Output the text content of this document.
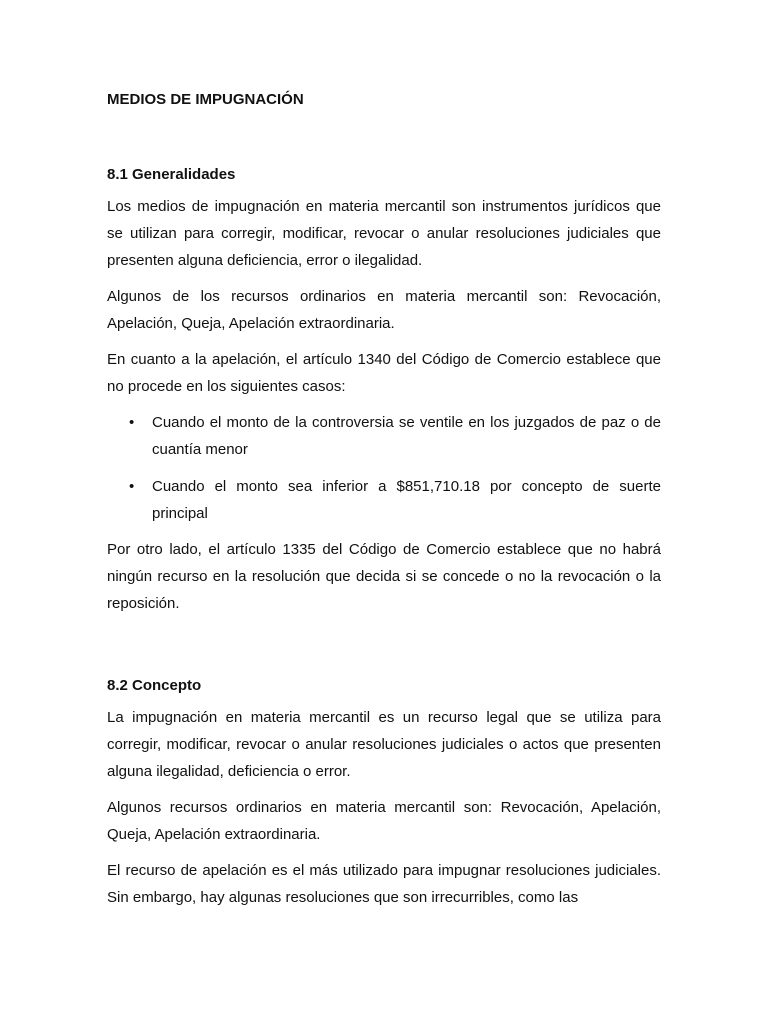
MEDIOS DE IMPUGNACIÓN
8.1 Generalidades

Los medios de impugnación en materia mercantil son instrumentos jurídicos que se utilizan para corregir, modificar, revocar o anular resoluciones judiciales que presenten alguna deficiencia, error o ilegalidad.

Algunos de los recursos ordinarios en materia mercantil son: Revocación, Apelación, Queja, Apelación extraordinaria.

En cuanto a la apelación, el artículo 1340 del Código de Comercio establece que no procede en los siguientes casos:

• Cuando el monto de la controversia se ventile en los juzgados de paz o de cuantía menor
• Cuando el monto sea inferior a $851,710.18 por concepto de suerte principal

Por otro lado, el artículo 1335 del Código de Comercio establece que no habrá ningún recurso en la resolución que decida si se concede o no la revocación o la reposición.

8.2 Concepto

La impugnación en materia mercantil es un recurso legal que se utiliza para corregir, modificar, revocar o anular resoluciones judiciales o actos que presenten alguna ilegalidad, deficiencia o error.

Algunos recursos ordinarios en materia mercantil son: Revocación, Apelación, Queja, Apelación extraordinaria.

El recurso de apelación es el más utilizado para impugnar resoluciones judiciales. Sin embargo, hay algunas resoluciones que son irrecurribles, como las
